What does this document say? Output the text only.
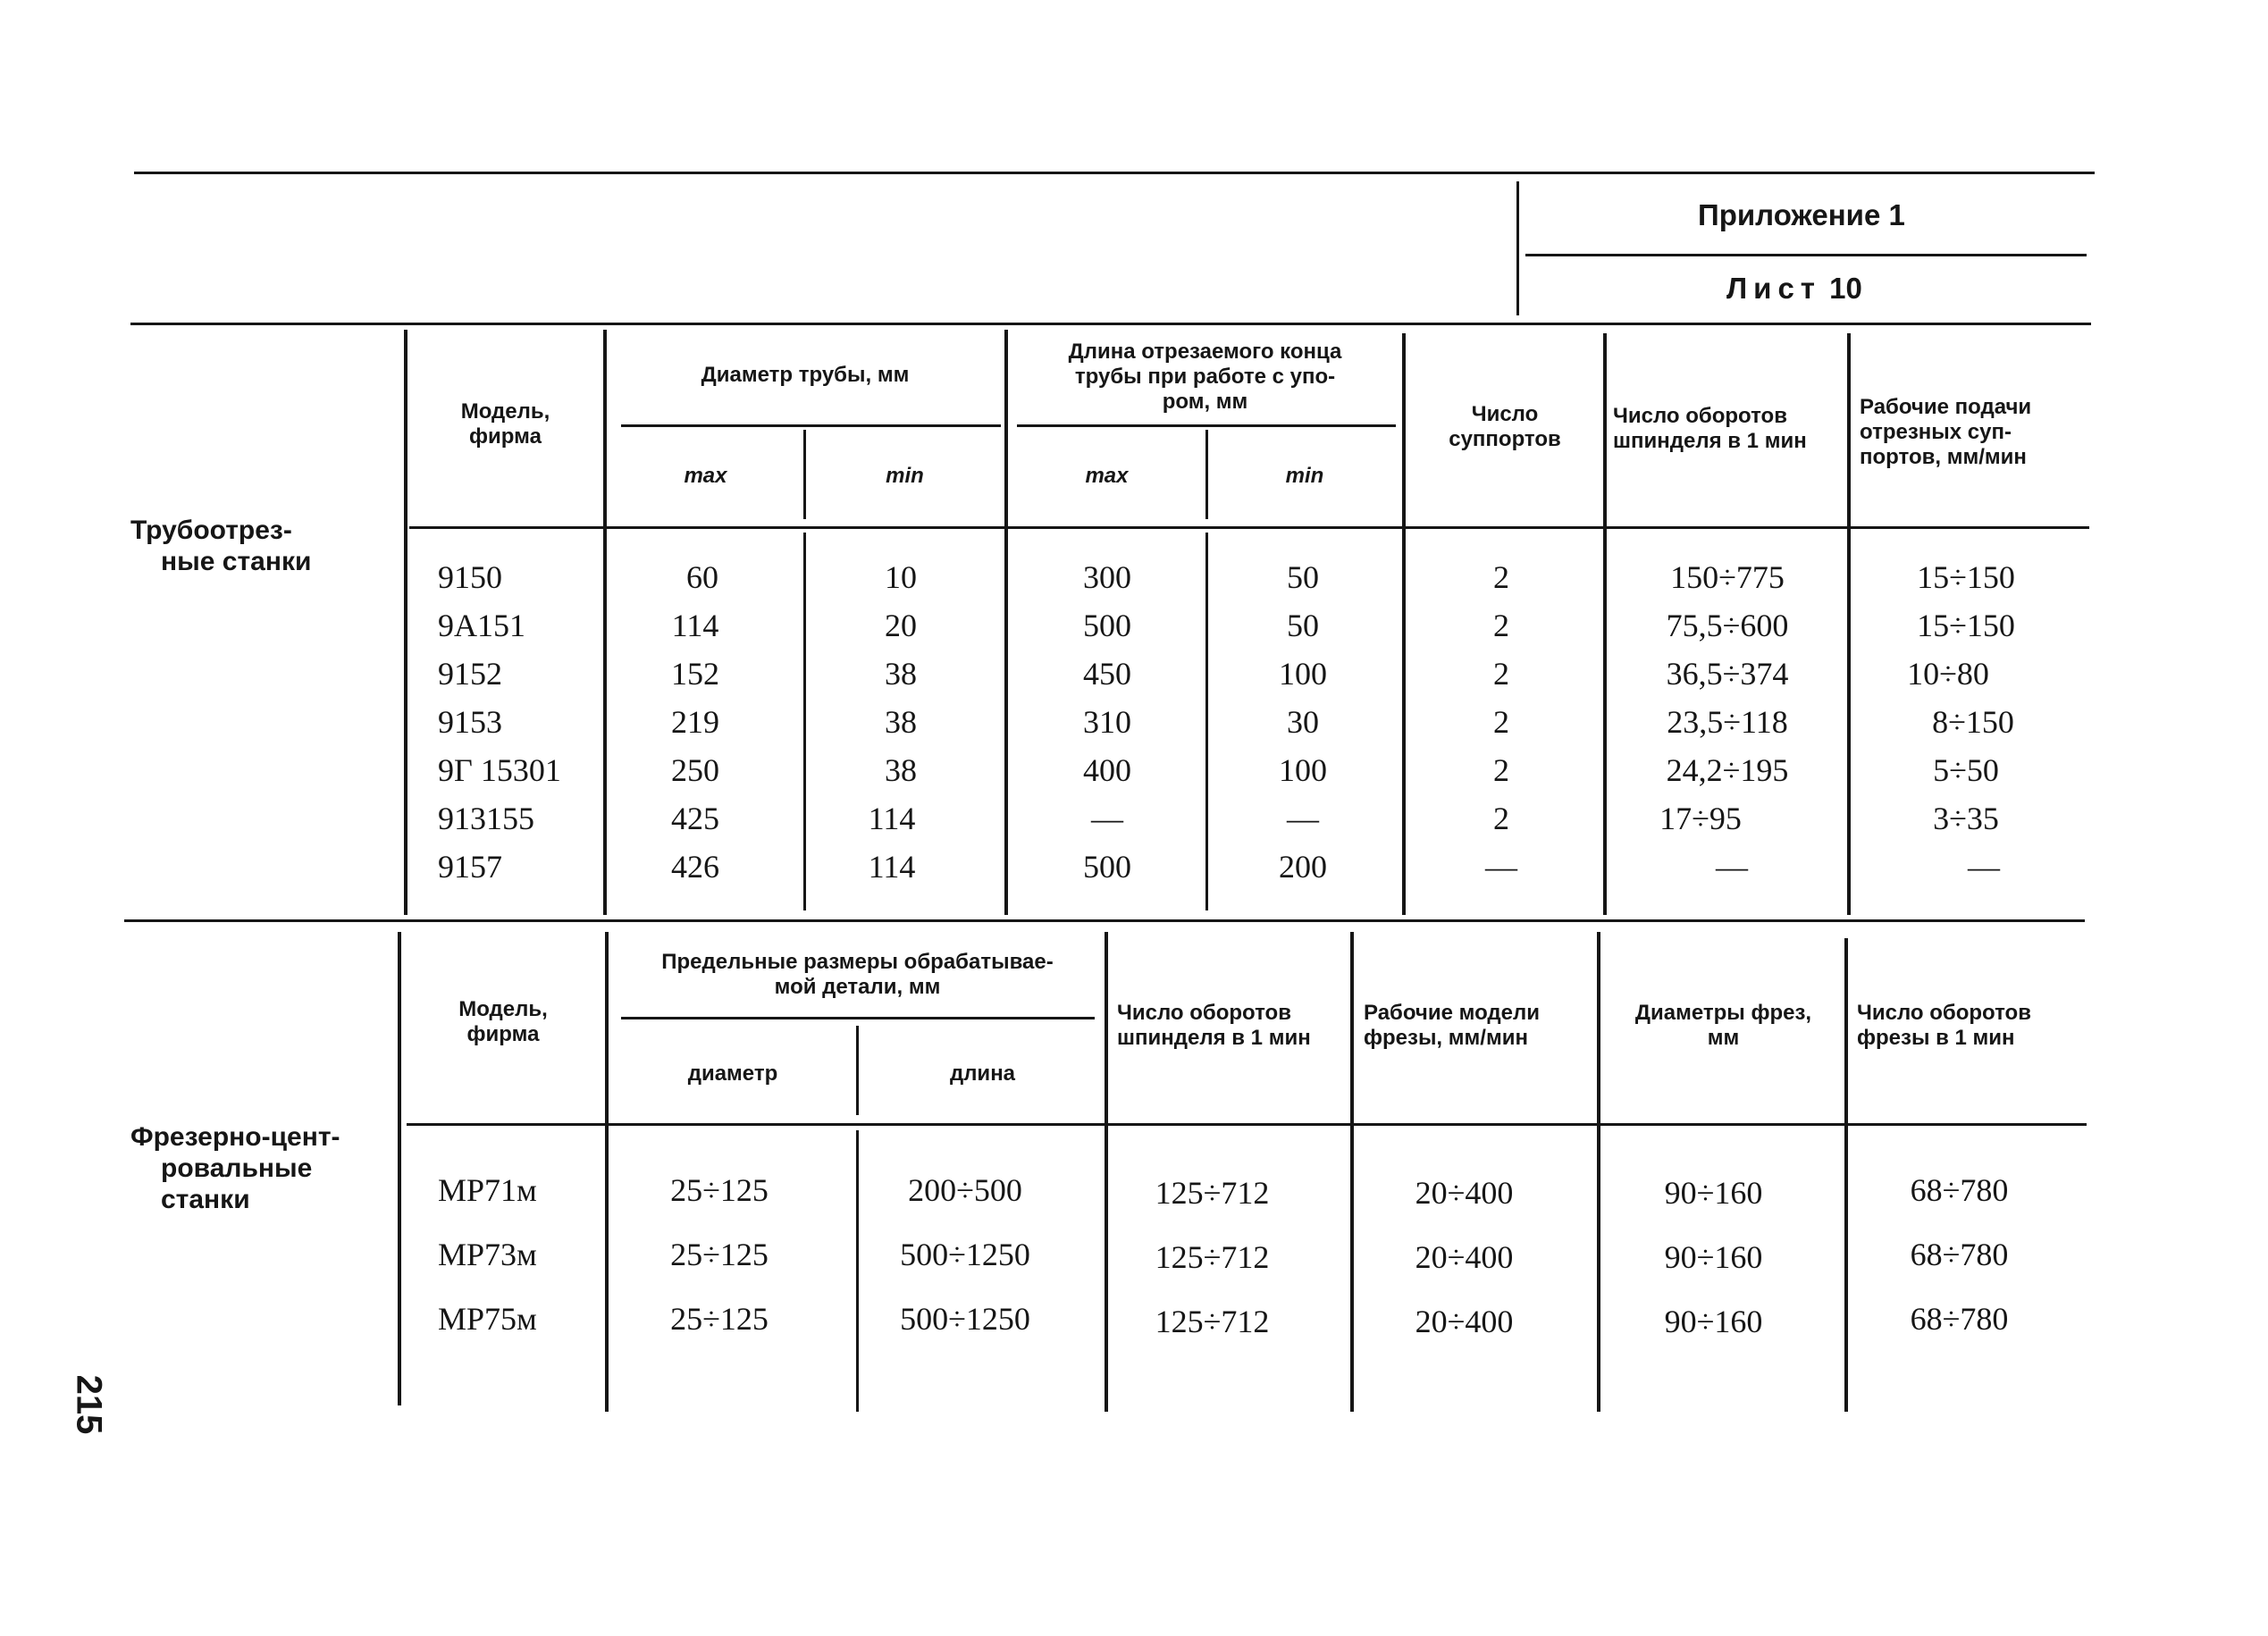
Приложение 1
Лист 10
215
Трубоотрез-
ные станки
Модель,
фирма
Диаметр трубы, мм
Длина отрезаемого конца
трубы при работе с упо-
ром, мм
Число
суппортов
Число оборотов
шпинделя в 1 мин
Рабочие подачи
отрезных суп-
портов, мм/мин
max	min	max	min
9150	60	10	300	50	2	150÷775	15÷150
9А151	114	20	500	50	2	75,5÷600	15÷150
9152	152	38	450	100	2	36,5÷374	10÷80
9153	219	38	310	30	2	23,5÷118	8÷150
9Г 15301	250	38	400	100	2	24,2÷195	5÷50
913155	425	114	—	—	2	17÷95	3÷35
9157	426	114	500	200	—	—	—
Фрезерно-цент-
ровальные
станки
Модель,
фирма
Предельные размеры обрабатывае-
мой детали, мм
диаметр	длина
Число оборотов
шпинделя в 1 мин
Рабочие модели
фрезы, мм/мин
Диаметры фрез,
мм
Число оборотов
фрезы в 1 мин
МР71м	25÷125	200÷500	125÷712	20÷400	90÷160	68÷780
МР73м	25÷125	500÷1250	125÷712	20÷400	90÷160	68÷780
МР75м	25÷125	500÷1250	125÷712	20÷400	90÷160	68÷780
